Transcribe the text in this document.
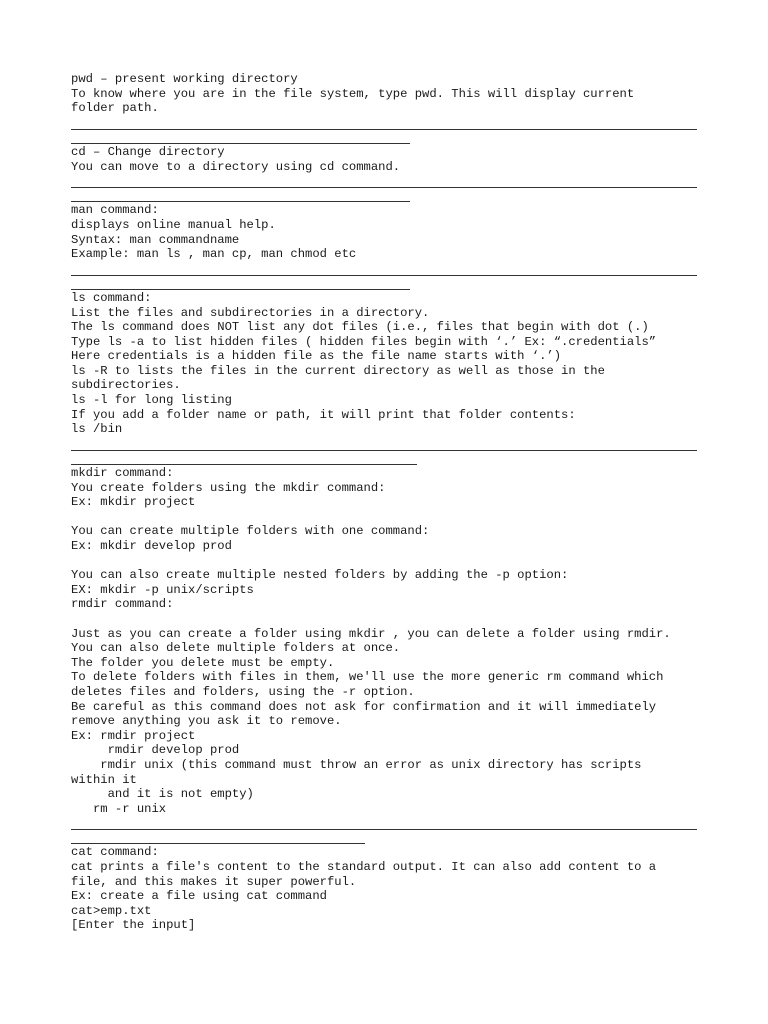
pwd – present working directory
To know where you are in the file system, type pwd. This will display current
folder path.
cd – Change directory
You can move to a directory using cd command.
man command:
displays online manual help.
Syntax: man commandname
Example: man ls , man cp, man chmod etc
ls command:
List the files and subdirectories in a directory.
The ls command does NOT list any dot files (i.e., files that begin with dot (.)
Type ls -a to list hidden files ( hidden files begin with ‘.’ Ex: “.credentials”
Here credentials is a hidden file as the file name starts with ‘.’)
ls -R to lists the files in the current directory as well as those in the
subdirectories.
ls -l for long listing
If you add a folder name or path, it will print that folder contents:
ls /bin
mkdir command:
You create folders using the mkdir command:
Ex: mkdir project
You can create multiple folders with one command:
Ex: mkdir develop prod
You can also create multiple nested folders by adding the -p option:
EX: mkdir -p unix/scripts
rmdir command:
Just as you can create a folder using mkdir , you can delete a folder using rmdir.
You can also delete multiple folders at once.
The folder you delete must be empty.
To delete folders with files in them, we'll use the more generic rm command which
deletes files and folders, using the -r option.
Be careful as this command does not ask for confirmation and it will immediately
remove anything you ask it to remove.
Ex: rmdir project
rmdir develop prod
rmdir unix (this command must throw an error as unix directory has scripts
within it
and it is not empty)
rm -r unix
cat command:
cat prints a file's content to the standard output. It can also add content to a
file, and this makes it super powerful.
Ex: create a file using cat command
cat>emp.txt
[Enter the input]
